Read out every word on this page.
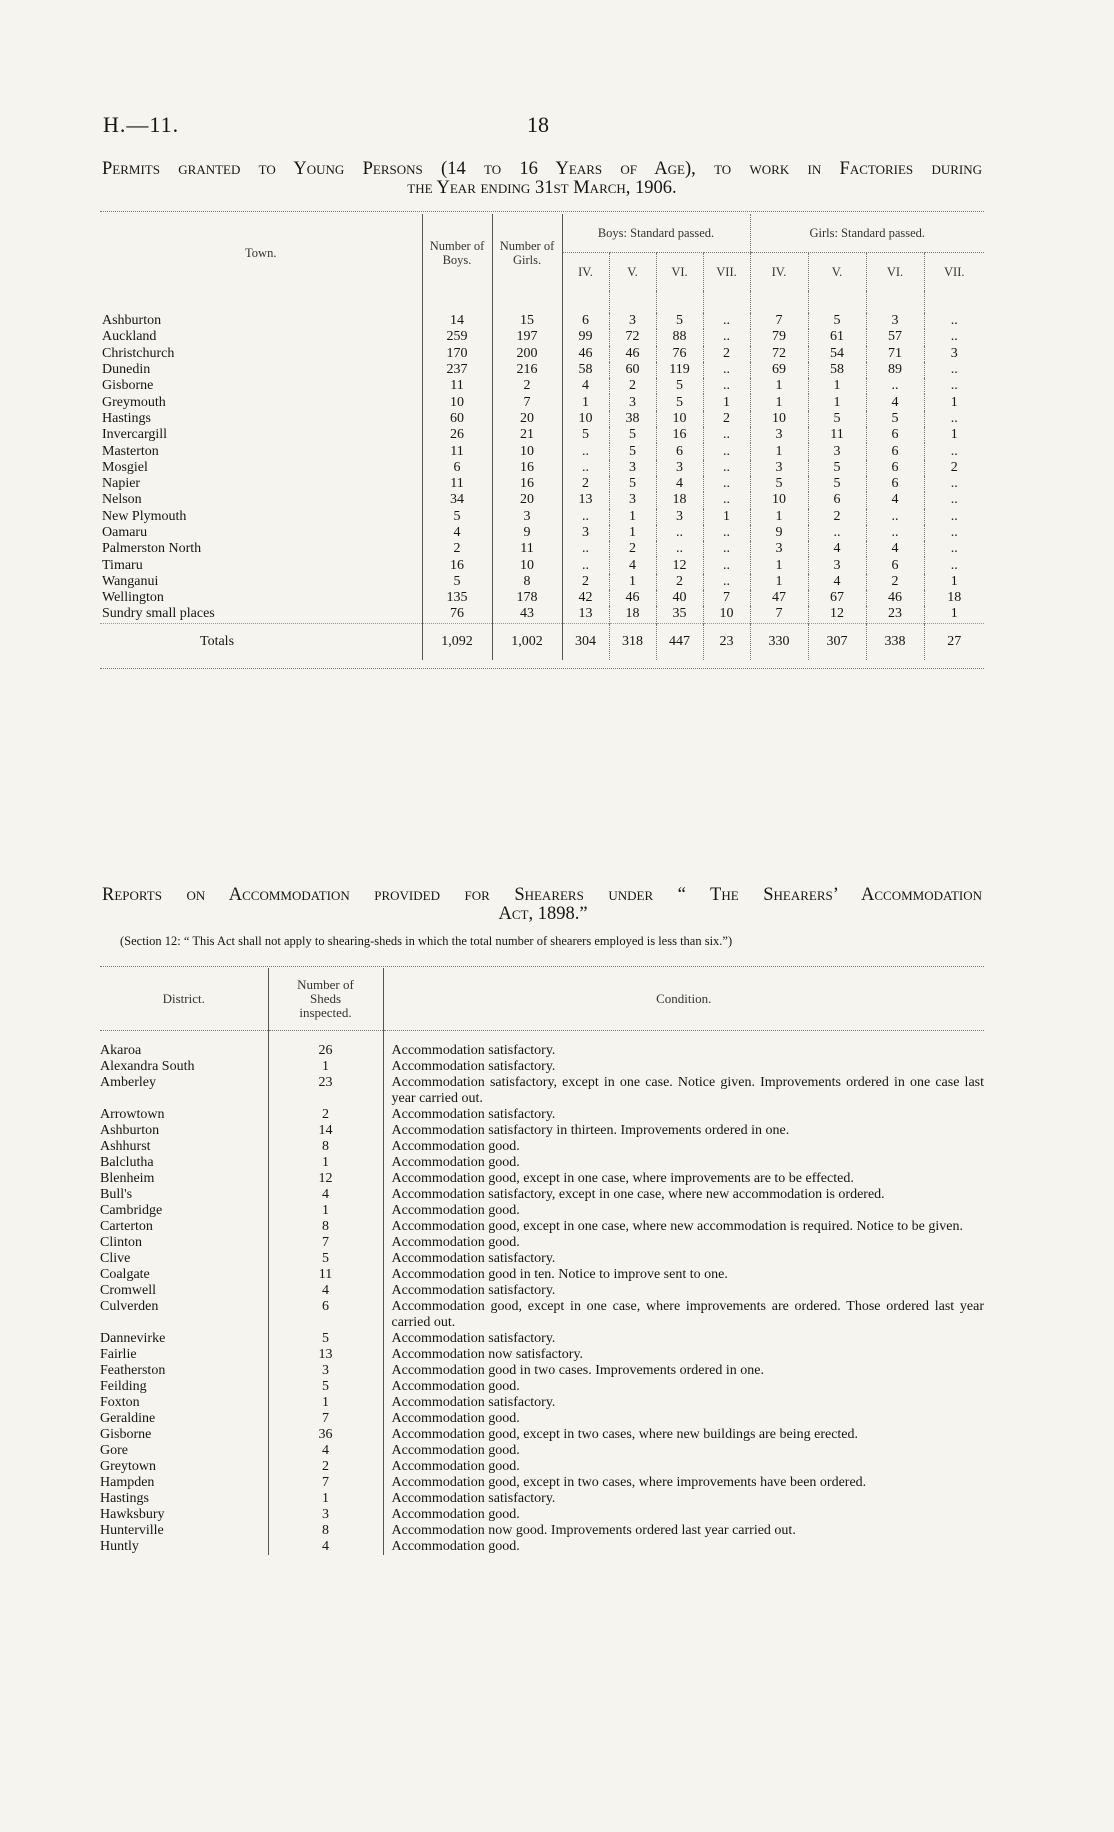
H.—11.	18
Permits granted to Young Persons (14 to 16 Years of Age), to work in Factories during
the Year ending 31st March, 1906.
Town.	Number of Boys.	Number of Girls.	Boys: Standard passed.				Girls: Standard passed.			
			IV.	V.	VI.	VII.	IV.	V.	VI.	VII.

Ashburton	14	15	6	3	5	..	7	5	3	..
Auckland	259	197	99	72	88	..	79	61	57	..
Christchurch	170	200	46	46	76	2	72	54	71	3
Dunedin	237	216	58	60	119	..	69	58	89	..
Gisborne	11	2	4	2	5	..	1	1	..	..
Greymouth	10	7	1	3	5	1	1	1	4	1
Hastings	60	20	10	38	10	2	10	5	5	..
Invercargill	26	21	5	5	16	..	3	11	6	1
Masterton	11	10	..	5	6	..	1	3	6	..
Mosgiel	6	16	..	3	3	..	3	5	6	2
Napier	11	16	2	5	4	..	5	5	6	..
Nelson	34	20	13	3	18	..	10	6	4	..
New Plymouth	5	3	..	1	3	1	1	2	..	..
Oamaru	4	9	3	1	..	..	9	..	..	..
Palmerston North	2	11	..	2	..	..	3	4	4	..
Timaru	16	10	..	4	12	..	1	3	6	..
Wanganui	5	8	2	1	2	..	1	4	2	1
Wellington	135	178	42	46	40	7	47	67	46	18
Sundry small places	76	43	13	18	35	10	7	12	23	1
Totals	1,092	1,002	304	318	447	23	330	307	338	27
Reports on Accommodation provided for Shearers under “ The Shearers’ Accommodation
Act, 1898.”
(Section 12: “ This Act shall not apply to shearing-sheds in which the total number of shearers employed is less than six.”)
District.	Number of Sheds inspected.	Condition.
Akaroa	26	Accommodation satisfactory.
Alexandra South	1	Accommodation satisfactory.
Amberley	23	Accommodation satisfactory, except in one case. Notice given. Improvements ordered in one case last year carried out.
Arrowtown	2	Accommodation satisfactory.
Ashburton	14	Accommodation satisfactory in thirteen. Improvements ordered in one.
Ashhurst	8	Accommodation good.
Balclutha	1	Accommodation good.
Blenheim	12	Accommodation good, except in one case, where improvements are to be effected.
Bull's	4	Accommodation satisfactory, except in one case, where new accommodation is ordered.
Cambridge	1	Accommodation good.
Carterton	8	Accommodation good, except in one case, where new accommodation is required. Notice to be given.
Clinton	7	Accommodation good.
Clive	5	Accommodation satisfactory.
Coalgate	11	Accommodation good in ten. Notice to improve sent to one.
Cromwell	4	Accommodation satisfactory.
Culverden	6	Accommodation good, except in one case, where improvements are ordered. Those ordered last year carried out.
Dannevirke	5	Accommodation satisfactory.
Fairlie	13	Accommodation now satisfactory.
Featherston	3	Accommodation good in two cases. Improvements ordered in one.
Feilding	5	Accommodation good.
Foxton	1	Accommodation satisfactory.
Geraldine	7	Accommodation good.
Gisborne	36	Accommodation good, except in two cases, where new buildings are being erected.
Gore	4	Accommodation good.
Greytown	2	Accommodation good.
Hampden	7	Accommodation good, except in two cases, where improvements have been ordered.
Hastings	1	Accommodation satisfactory.
Hawksbury	3	Accommodation good.
Hunterville	8	Accommodation now good. Improvements ordered last year carried out.
Huntly	4	Accommodation good.
